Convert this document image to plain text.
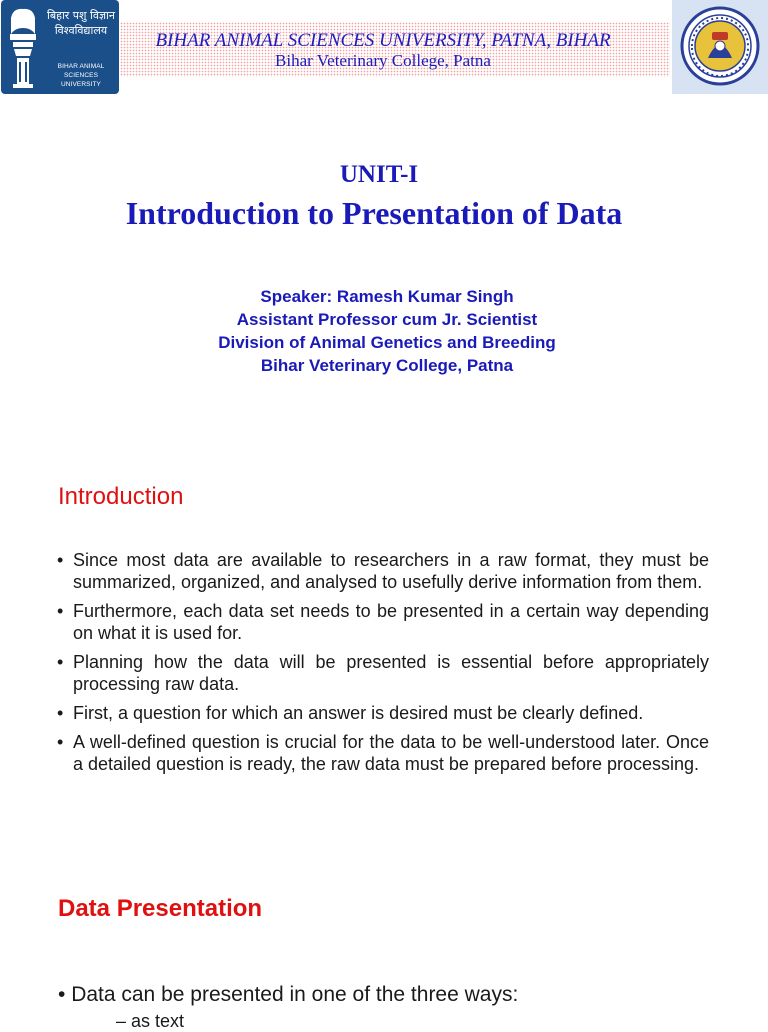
बिहार पशु विज्ञान विश्वविद्यालय
BIHAR ANIMAL SCIENCES UNIVERSITY
BIHAR ANIMAL SCIENCES UNIVERSITY, PATNA, BIHAR
Bihar Veterinary College, Patna
UNIT-I
Introduction to Presentation of Data
Speaker: Ramesh Kumar Singh
Assistant Professor cum Jr. Scientist
Division of Animal Genetics and Breeding
Bihar Veterinary College, Patna
Introduction
• Since most data are available to researchers in a raw format, they must be summarized, organized, and analysed to usefully derive information from them.
• Furthermore, each data set needs to be presented in a certain way depending on what it is used for.
• Planning how the data will be presented is essential before appropriately processing raw data.
• First, a question for which an answer is desired must be clearly defined.
• A well-defined question is crucial for the data to be well-understood later. Once a detailed question is ready, the raw data must be prepared before processing.
Data Presentation
• Data can be presented in one of the three ways:
– as text
